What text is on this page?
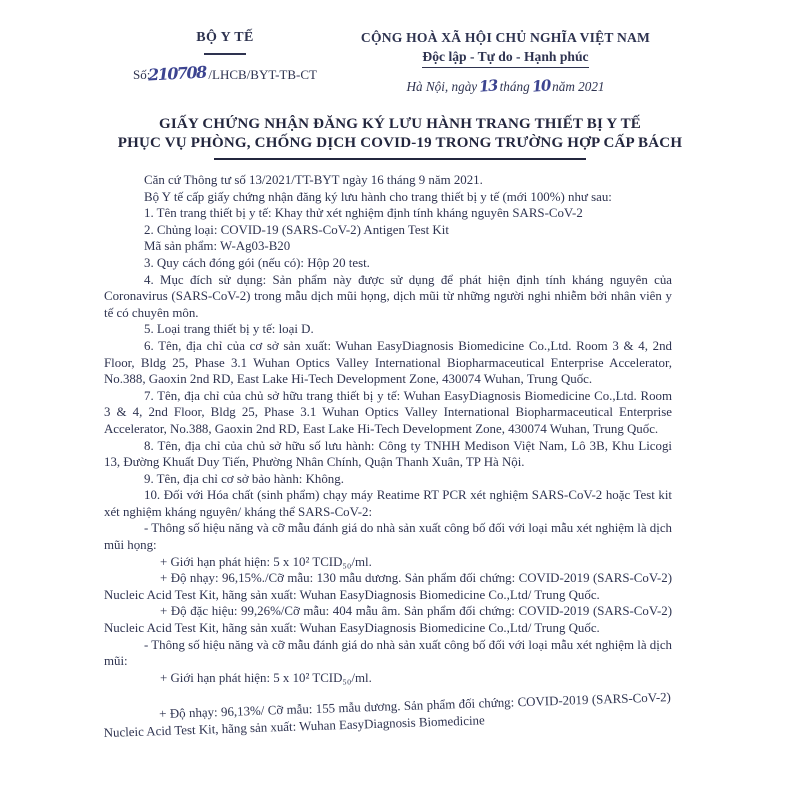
BỘ Y TẾ
Số:210708 /LHCB/BYT-TB-CT
CỘNG HOÀ XÃ HỘI CHỦ NGHĨA VIỆT NAM
Độc lập - Tự do - Hạnh phúc
Hà Nội, ngày 13 tháng 10 năm 2021
GIẤY CHỨNG NHẬN ĐĂNG KÝ LƯU HÀNH TRANG THIẾT BỊ Y TẾ
PHỤC VỤ PHÒNG, CHỐNG DỊCH COVID-19 TRONG TRƯỜNG HỢP CẤP BÁCH

Căn cứ Thông tư số 13/2021/TT-BYT ngày 16 tháng 9 năm 2021.

Bộ Y tế cấp giấy chứng nhận đăng ký lưu hành cho trang thiết bị y tế (mới 100%) như sau:

1. Tên trang thiết bị y tế: Khay thử xét nghiệm định tính kháng nguyên SARS-CoV-2

2. Chủng loại: COVID-19 (SARS-CoV-2) Antigen Test Kit

Mã sản phẩm: W-Ag03-B20

3. Quy cách đóng gói (nếu có): Hộp 20 test.

4. Mục đích sử dụng: Sản phẩm này được sử dụng để phát hiện định tính kháng nguyên của Coronavirus (SARS-CoV-2) trong mẫu dịch mũi họng, dịch mũi từ những người nghi nhiễm bởi nhân viên y tế có chuyên môn.

5. Loại trang thiết bị y tế: loại D.

6. Tên, địa chỉ của cơ sở sản xuất: Wuhan EasyDiagnosis Biomedicine Co.,Ltd. Room 3 & 4, 2nd Floor, Bldg 25, Phase 3.1 Wuhan Optics Valley International Biopharmaceutical Enterprise Accelerator, No.388, Gaoxin 2nd RD, East Lake Hi-Tech Development Zone, 430074 Wuhan, Trung Quốc.

7. Tên, địa chỉ của chủ sở hữu trang thiết bị y tế: Wuhan EasyDiagnosis Biomedicine Co.,Ltd. Room 3 & 4, 2nd Floor, Bldg 25, Phase 3.1 Wuhan Optics Valley International Biopharmaceutical Enterprise Accelerator, No.388, Gaoxin 2nd RD, East Lake Hi-Tech Development Zone, 430074 Wuhan, Trung Quốc.

8. Tên, địa chỉ của chủ sở hữu số lưu hành: Công ty TNHH Medison Việt Nam, Lô 3B, Khu Licogi 13, Đường Khuất Duy Tiến, Phường Nhân Chính, Quận Thanh Xuân, TP Hà Nội.

9. Tên, địa chỉ cơ sở bảo hành: Không.

10. Đối với Hóa chất (sinh phẩm) chạy máy Reatime RT PCR xét nghiệm SARS-CoV-2 hoặc Test kit xét nghiệm kháng nguyên/ kháng thể SARS-CoV-2:

- Thông số hiệu năng và cỡ mẫu đánh giá do nhà sản xuất công bố đối với loại mẫu xét nghiệm là dịch mũi họng:

+ Giới hạn phát hiện: 5 x 10² TCID₅₀/ml.

+ Độ nhạy: 96,15%./Cỡ mẫu: 130 mẫu dương. Sản phẩm đối chứng: COVID-2019 (SARS-CoV-2) Nucleic Acid Test Kit, hãng sản xuất: Wuhan EasyDiagnosis Biomedicine Co.,Ltd/ Trung Quốc.

+ Độ đặc hiệu: 99,26%/Cỡ mẫu: 404 mẫu âm. Sản phẩm đối chứng: COVID-2019 (SARS-CoV-2) Nucleic Acid Test Kit, hãng sản xuất: Wuhan EasyDiagnosis Biomedicine Co.,Ltd/ Trung Quốc.

- Thông số hiệu năng và cỡ mẫu đánh giá do nhà sản xuất công bố đối với loại mẫu xét nghiệm là dịch mũi:

+ Giới hạn phát hiện: 5 x 10² TCID₅₀/ml.

+ Độ nhạy: 96,13%/ Cỡ mẫu: 155 mẫu dương. Sản phẩm đối chứng: COVID-2019 (SARS-CoV-2) Nucleic Acid Test Kit, hãng sản xuất: Wuhan EasyDiagnosis Biomedicine
